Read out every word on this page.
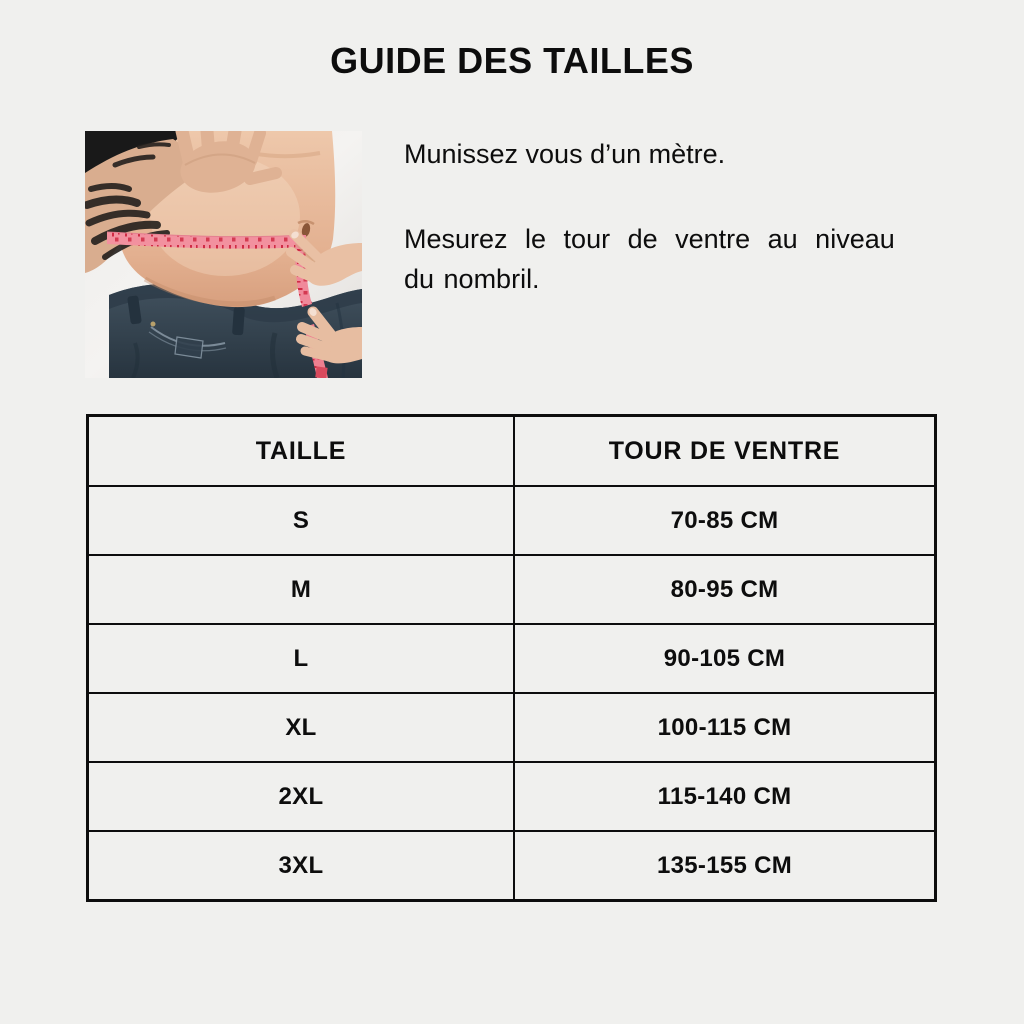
GUIDE DES TAILLES

Munissez vous d’un mètre.

Mesurez le tour de ventre au niveau
du nombril.
TAILLE	TOUR DE VENTRE
S	70-85 CM
M	80-95 CM
L	90-105 CM
XL	100-115 CM
2XL	115-140 CM
3XL	135-155 CM
